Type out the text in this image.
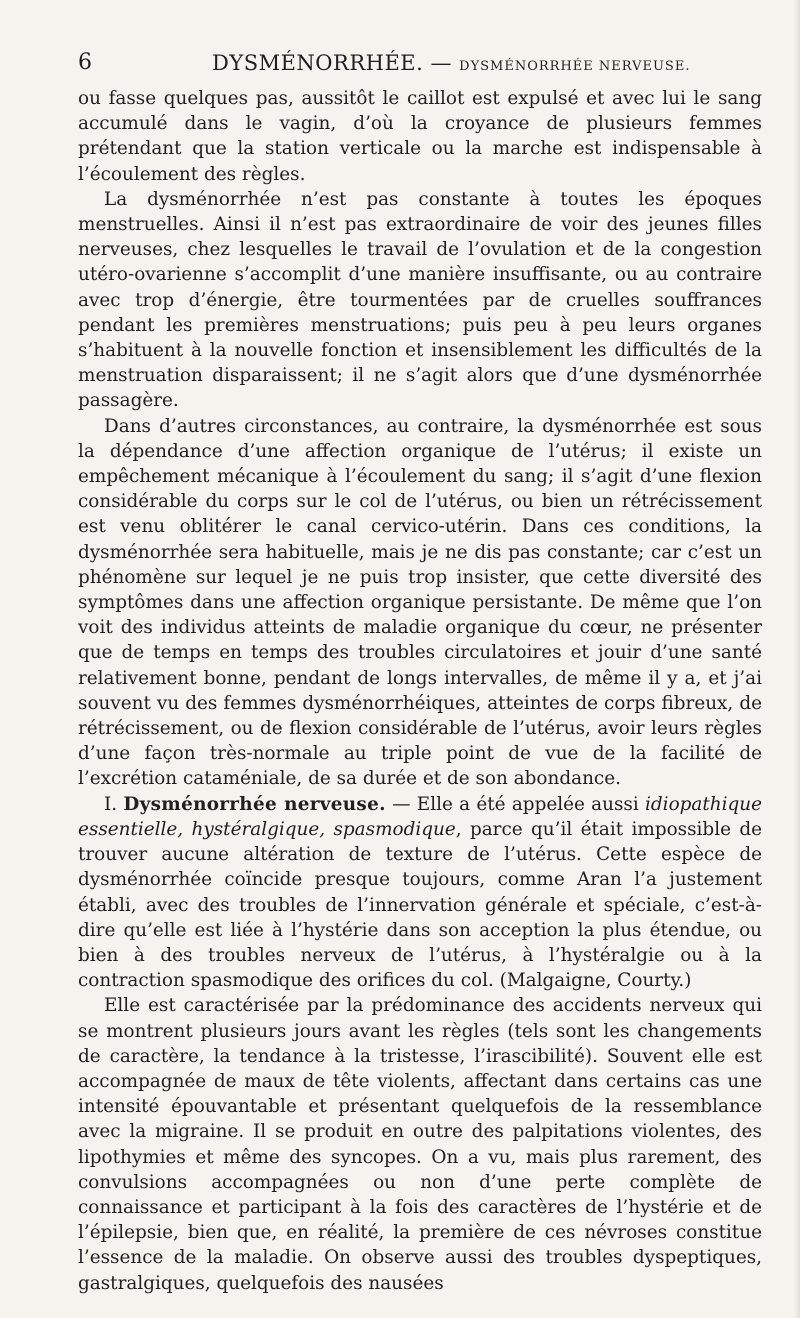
6	DYSMÉNORRHÉE. — DYSMÉNORRHÉE NERVEUSE.

ou fasse quelques pas, aussitôt le caillot est expulsé et avec lui le sang accumulé dans le vagin, d’où la croyance de plusieurs femmes prétendant que la station verticale ou la marche est indispensable à l’écoulement des règles.

La dysménorrhée n’est pas constante à toutes les époques menstruelles. Ainsi il n’est pas extraordinaire de voir des jeunes filles nerveuses, chez lesquelles le travail de l’ovulation et de la congestion utéro-ovarienne s’accomplit d’une manière insuffisante, ou au contraire avec trop d’énergie, être tourmentées par de cruelles souffrances pendant les premières menstruations; puis peu à peu leurs organes s’habituent à la nouvelle fonction et insensiblement les difficultés de la menstruation disparaissent; il ne s’agit alors que d’une dysménorrhée passagère.

Dans d’autres circonstances, au contraire, la dysménorrhée est sous la dépendance d’une affection organique de l’utérus; il existe un empêchement mécanique à l’écoulement du sang; il s’agit d’une flexion considérable du corps sur le col de l’utérus, ou bien un rétrécissement est venu oblitérer le canal cervico-utérin. Dans ces conditions, la dysménorrhée sera habituelle, mais je ne dis pas constante; car c’est un phénomène sur lequel je ne puis trop insister, que cette diversité des symptômes dans une affection organique persistante. De même que l’on voit des individus atteints de maladie organique du cœur, ne présenter que de temps en temps des troubles circulatoires et jouir d’une santé relativement bonne, pendant de longs intervalles, de même il y a, et j’ai souvent vu des femmes dysménorrhéiques, atteintes de corps fibreux, de rétrécissement, ou de flexion considérable de l’utérus, avoir leurs règles d’une façon très-normale au triple point de vue de la facilité de l’excrétion cataméniale, de sa durée et de son abondance.

I. Dysménorrhée nerveuse. — Elle a été appelée aussi idiopathique essentielle, hystéralgique, spasmodique, parce qu’il était impossible de trouver aucune altération de texture de l’utérus. Cette espèce de dysménorrhée coïncide presque toujours, comme Aran l’a justement établi, avec des troubles de l’innervation générale et spéciale, c’est-à-dire qu’elle est liée à l’hystérie dans son acception la plus étendue, ou bien à des troubles nerveux de l’utérus, à l’hystéralgie ou à la contraction spasmodique des orifices du col. (Malgaigne, Courty.)

Elle est caractérisée par la prédominance des accidents nerveux qui se montrent plusieurs jours avant les règles (tels sont les changements de caractère, la tendance à la tristesse, l’irascibilité). Souvent elle est accompagnée de maux de tête violents, affectant dans certains cas une intensité épouvantable et présentant quelquefois de la ressemblance avec la migraine. Il se produit en outre des palpitations violentes, des lipothymies et même des syncopes. On a vu, mais plus rarement, des convulsions accompagnées ou non d’une perte complète de connaissance et participant à la fois des caractères de l’hystérie et de l’épilepsie, bien que, en réalité, la première de ces névroses constitue l’essence de la maladie. On observe aussi des troubles dyspeptiques, gastralgiques, quelquefois des nausées
